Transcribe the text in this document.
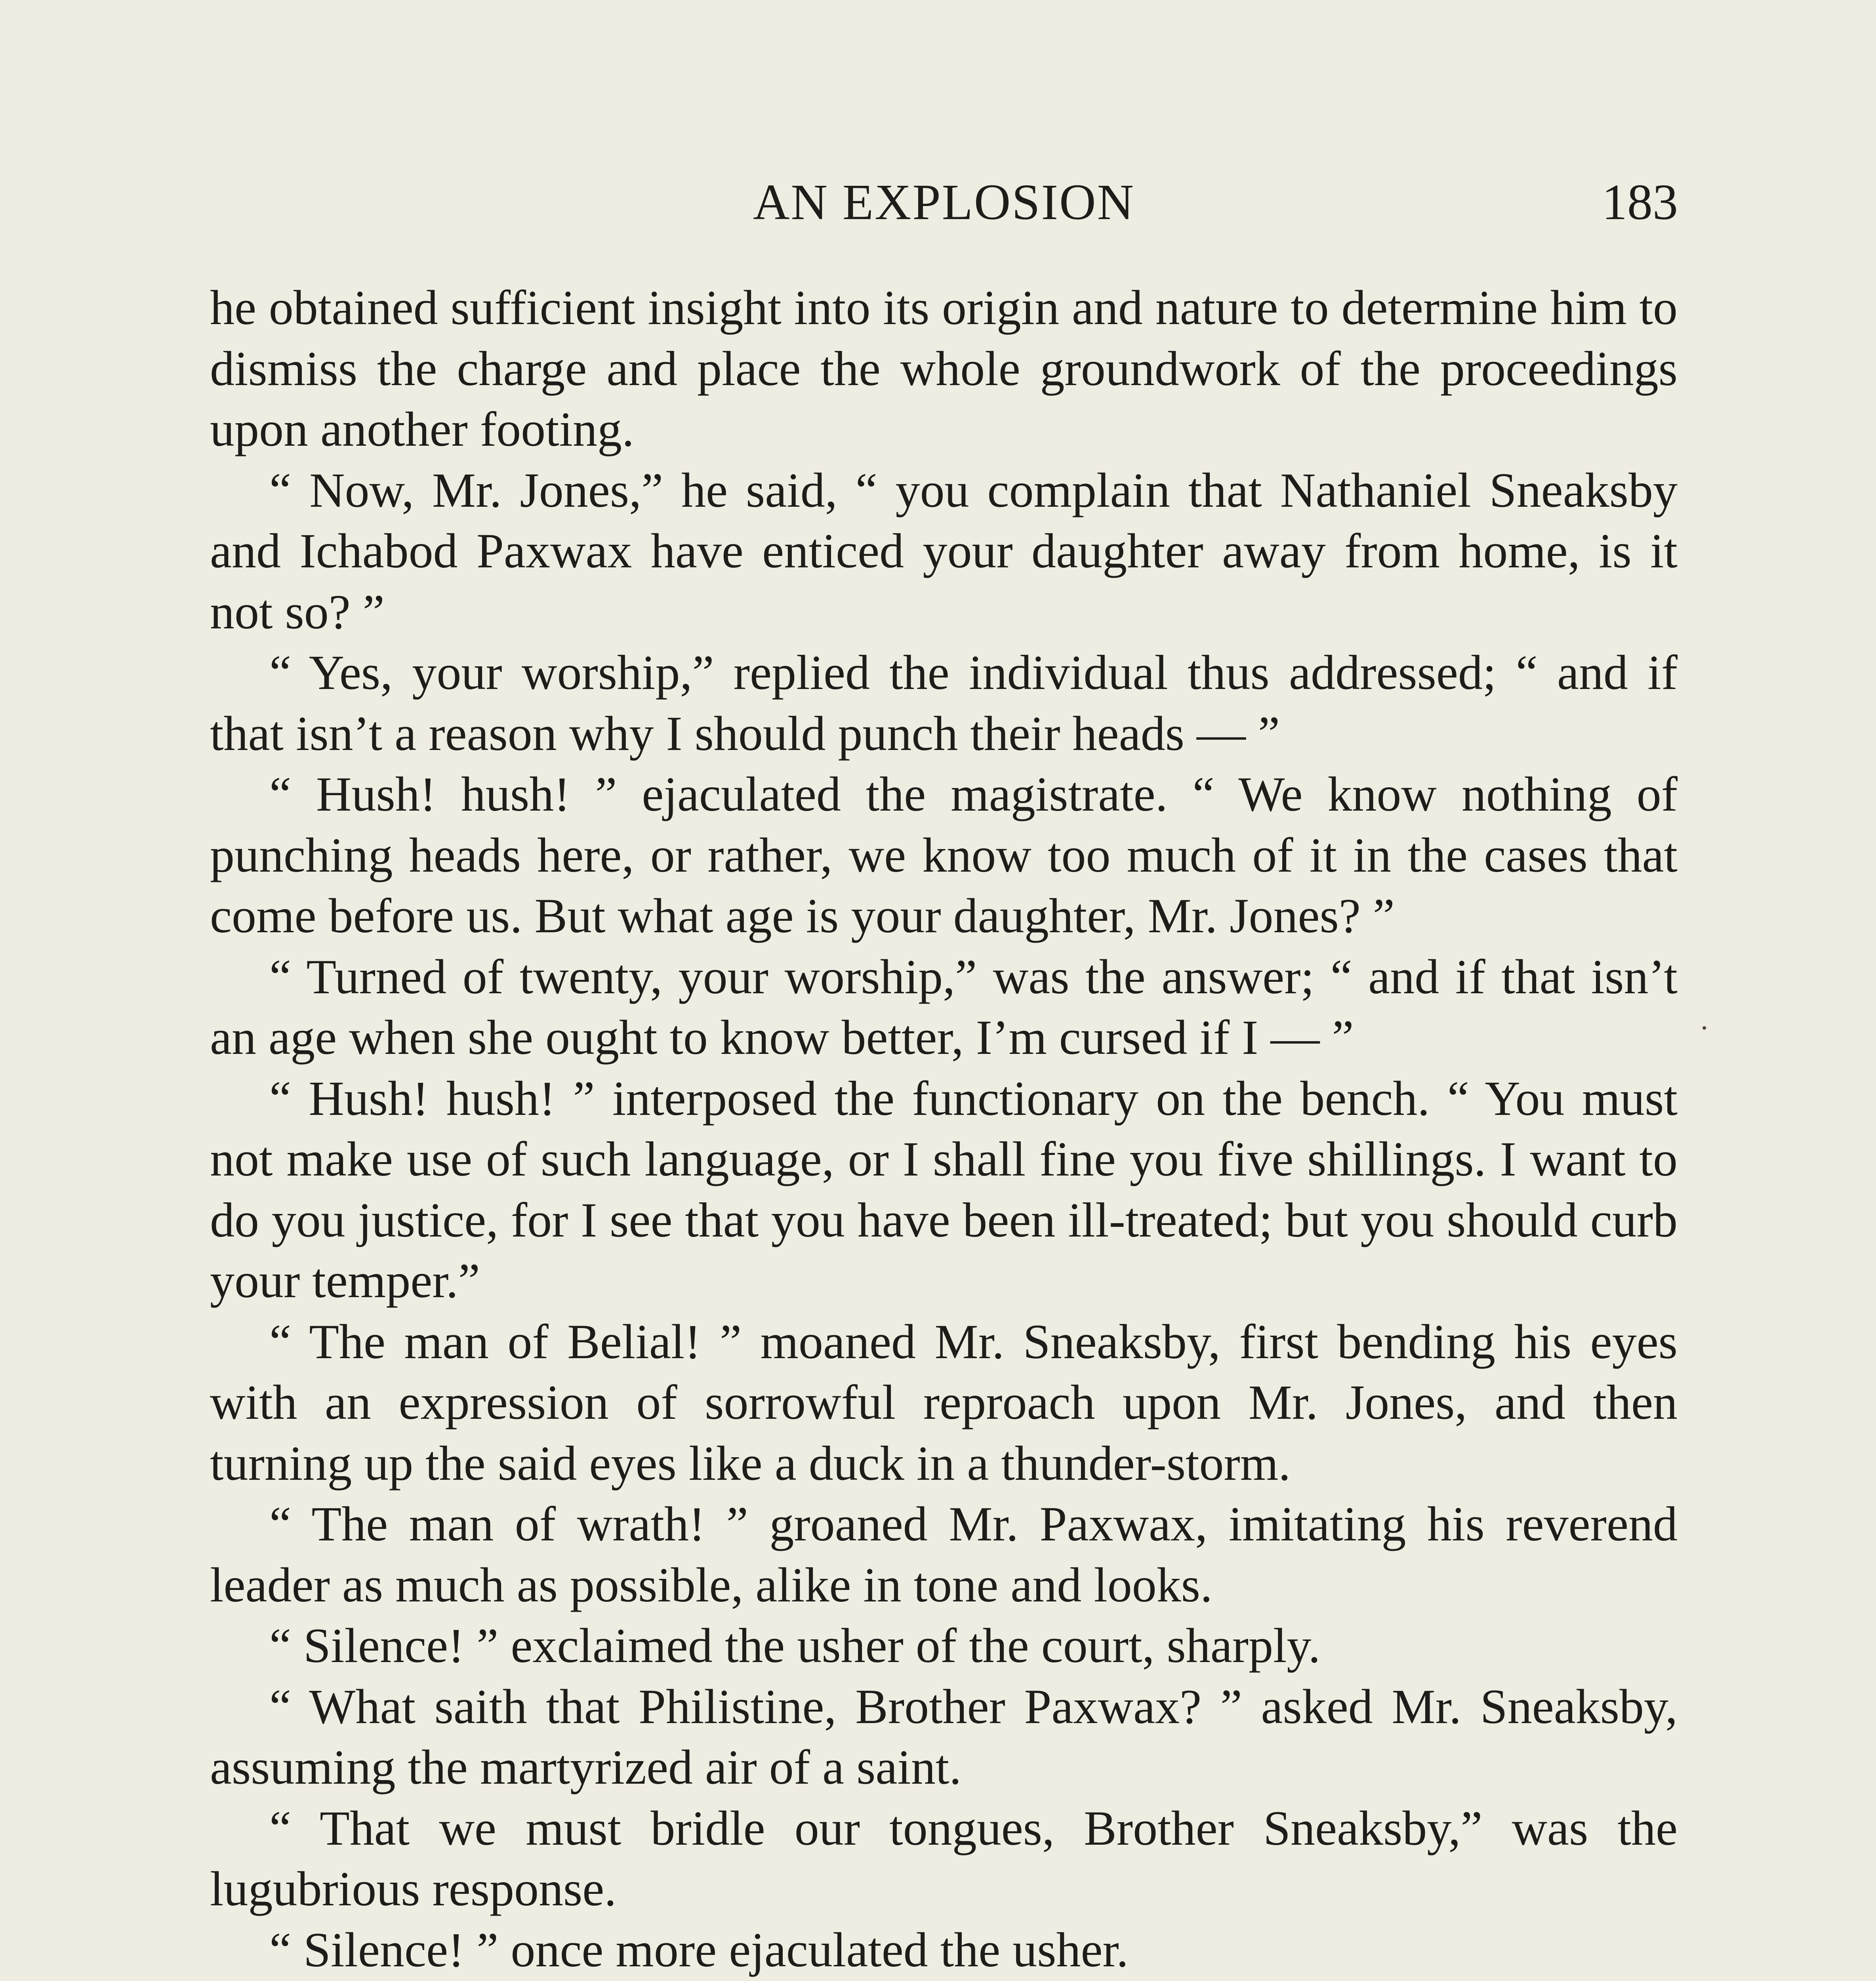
AN EXPLOSION	183

he obtained sufficient insight into its origin and nature to determine him to dismiss the charge and place the whole groundwork of the proceedings upon another footing.

“ Now, Mr. Jones,” he said, “ you complain that Nathaniel Sneaksby and Ichabod Paxwax have enticed your daughter away from home, is it not so? ”

“ Yes, your worship,” replied the individual thus addressed; “ and if that isn’t a reason why I should punch their heads — ”

“ Hush! hush! ” ejaculated the magistrate. “ We know nothing of punching heads here, or rather, we know too much of it in the cases that come before us. But what age is your daughter, Mr. Jones? ”

“ Turned of twenty, your worship,” was the answer; “ and if that isn’t an age when she ought to know better, I’m cursed if I — ”

“ Hush! hush! ” interposed the functionary on the bench. “ You must not make use of such language, or I shall fine you five shillings. I want to do you justice, for I see that you have been ill-treated; but you should curb your temper.”

“ The man of Belial! ” moaned Mr. Sneaksby, first bending his eyes with an expression of sorrowful reproach upon Mr. Jones, and then turning up the said eyes like a duck in a thunder-storm.

“ The man of wrath! ” groaned Mr. Paxwax, imitating his reverend leader as much as possible, alike in tone and looks.

“ Silence! ” exclaimed the usher of the court, sharply.

“ What saith that Philistine, Brother Paxwax? ” asked Mr. Sneaksby, assuming the martyrized air of a saint.

“ That we must bridle our tongues, Brother Sneaksby,” was the lugubrious response.

“ Silence! ” once more ejaculated the usher.
